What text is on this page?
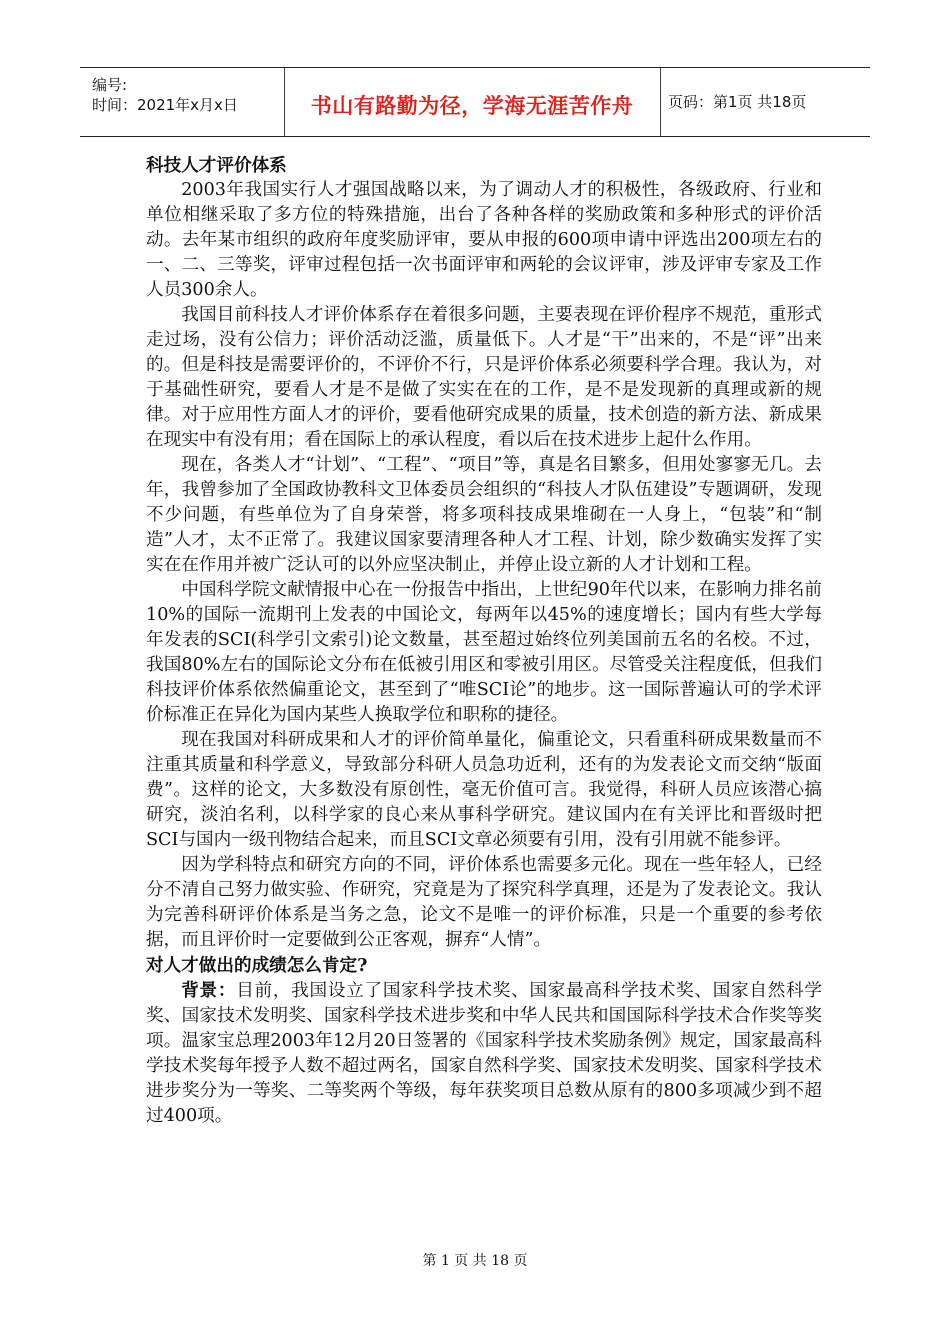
编号:
时间：2021年x月x日	书山有路勤为径，学海无涯苦作舟	页码：第1页 共18页
科技人才评价体系

2003年我国实行人才强国战略以来，为了调动人才的积极性，各级政府、行业和单位相继采取了多方位的特殊措施，出台了各种各样的奖励政策和多种形式的评价活动。去年某市组织的政府年度奖励评审，要从申报的600项申请中评选出200项左右的一、二、三等奖，评审过程包括一次书面评审和两轮的会议评审，涉及评审专家及工作人员300余人。

我国目前科技人才评价体系存在着很多问题，主要表现在评价程序不规范，重形式走过场，没有公信力；评价活动泛滥，质量低下。人才是“干”出来的，不是“评”出来的。但是科技是需要评价的，不评价不行，只是评价体系必须要科学合理。我认为，对于基础性研究，要看人才是不是做了实实在在的工作，是不是发现新的真理或新的规律。对于应用性方面人才的评价，要看他研究成果的质量，技术创造的新方法、新成果在现实中有没有用；看在国际上的承认程度，看以后在技术进步上起什么作用。

现在，各类人才“计划”、“工程”、“项目”等，真是名目繁多，但用处寥寥无几。去年，我曾参加了全国政协教科文卫体委员会组织的“科技人才队伍建设”专题调研，发现不少问题，有些单位为了自身荣誉，将多项科技成果堆砌在一人身上，“包装”和“制造”人才，太不正常了。我建议国家要清理各种人才工程、计划，除少数确实发挥了实实在在作用并被广泛认可的以外应坚决制止，并停止设立新的人才计划和工程。

中国科学院文献情报中心在一份报告中指出，上世纪90年代以来，在影响力排名前10%的国际一流期刊上发表的中国论文，每两年以45%的速度增长；国内有些大学每年发表的SCI(科学引文索引)论文数量，甚至超过始终位列美国前五名的名校。不过，我国80%左右的国际论文分布在低被引用区和零被引用区。尽管受关注程度低，但我们科技评价体系依然偏重论文，甚至到了“唯SCI论”的地步。这一国际普遍认可的学术评价标准正在异化为国内某些人换取学位和职称的捷径。

现在我国对科研成果和人才的评价简单量化，偏重论文，只看重科研成果数量而不注重其质量和科学意义，导致部分科研人员急功近利，还有的为发表论文而交纳“版面费”。这样的论文，大多数没有原创性，毫无价值可言。我觉得，科研人员应该潜心搞研究，淡泊名利，以科学家的良心来从事科学研究。建议国内在有关评比和晋级时把SCI与国内一级刊物结合起来，而且SCI文章必须要有引用，没有引用就不能参评。

因为学科特点和研究方向的不同，评价体系也需要多元化。现在一些年轻人，已经分不清自己努力做实验、作研究，究竟是为了探究科学真理，还是为了发表论文。我认为完善科研评价体系是当务之急，论文不是唯一的评价标准，只是一个重要的参考依据，而且评价时一定要做到公正客观，摒弃“人情”。

对人才做出的成绩怎么肯定?

背景：目前，我国设立了国家科学技术奖、国家最高科学技术奖、国家自然科学奖、国家技术发明奖、国家科学技术进步奖和中华人民共和国国际科学技术合作奖等奖项。温家宝总理2003年12月20日签署的《国家科学技术奖励条例》规定，国家最高科学技术奖每年授予人数不超过两名，国家自然科学奖、国家技术发明奖、国家科学技术进步奖分为一等奖、二等奖两个等级，每年获奖项目总数从原有的800多项减少到不超过400项。

第 1 页 共 18 页
